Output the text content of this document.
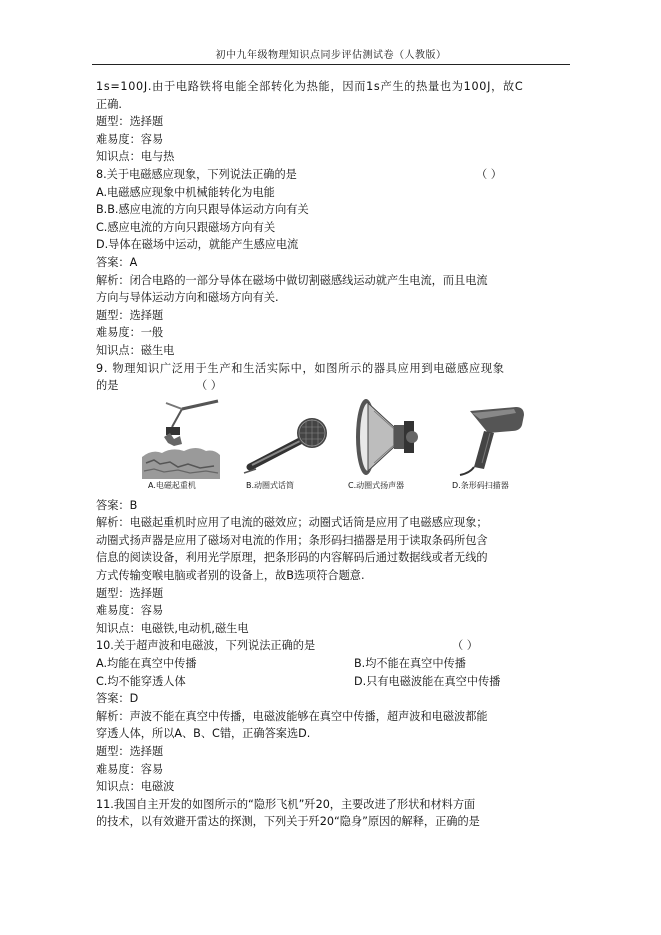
初中九年级物理知识点同步评估测试卷（人教版）
1s=100J.由于电路铁将电能全部转化为热能，因而1s产生的热量也为100J，故C
正确.
题型：选择题
难易度：容易
知识点：电与热
8.关于电磁感应现象，下列说法正确的是	（ ）
A.电磁感应现象中机械能转化为电能
B.B.感应电流的方向只跟导体运动方向有关
C.感应电流的方向只跟磁场方向有关
D.导体在磁场中运动，就能产生感应电流
答案：A
解析：闭合电路的一部分导体在磁场中做切割磁感线运动就产生电流，而且电流
方向与导体运动方向和磁场方向有关.
题型：选择题
难易度：一般
知识点：磁生电
9. 物理知识广泛用于生产和生活实际中，如图所示的器具应用到电磁感应现象
的是	（ ）
A.电磁起重机	B.动圈式话筒	C.动圈式扬声器	D.条形码扫描器
答案：B
解析：电磁起重机时应用了电流的磁效应；动圈式话筒是应用了电磁感应现象；
动圈式扬声器是应用了磁场对电流的作用；条形码扫描器是用于读取条码所包含
信息的阅读设备，利用光学原理，把条形码的内容解码后通过数据线或者无线的
方式传输变喉电脑或者别的设备上，故B选项符合题意.
题型：选择题
难易度：容易
知识点：电磁铁,电动机,磁生电
10.关于超声波和电磁波，下列说法正确的是	（ ）
A.均能在真空中传播	B.均不能在真空中传播
C.均不能穿透人体	D.只有电磁波能在真空中传播
答案：D
解析：声波不能在真空中传播，电磁波能够在真空中传播，超声波和电磁波都能
穿透人体，所以A、B、C错，正确答案选D.
题型：选择题
难易度：容易
知识点：电磁波
11.我国自主开发的如图所示的“隐形飞机”歼20，主要改进了形状和材料方面
的技术，以有效避开雷达的探测，下列关于歼20“隐身”原因的解释，正确的是
